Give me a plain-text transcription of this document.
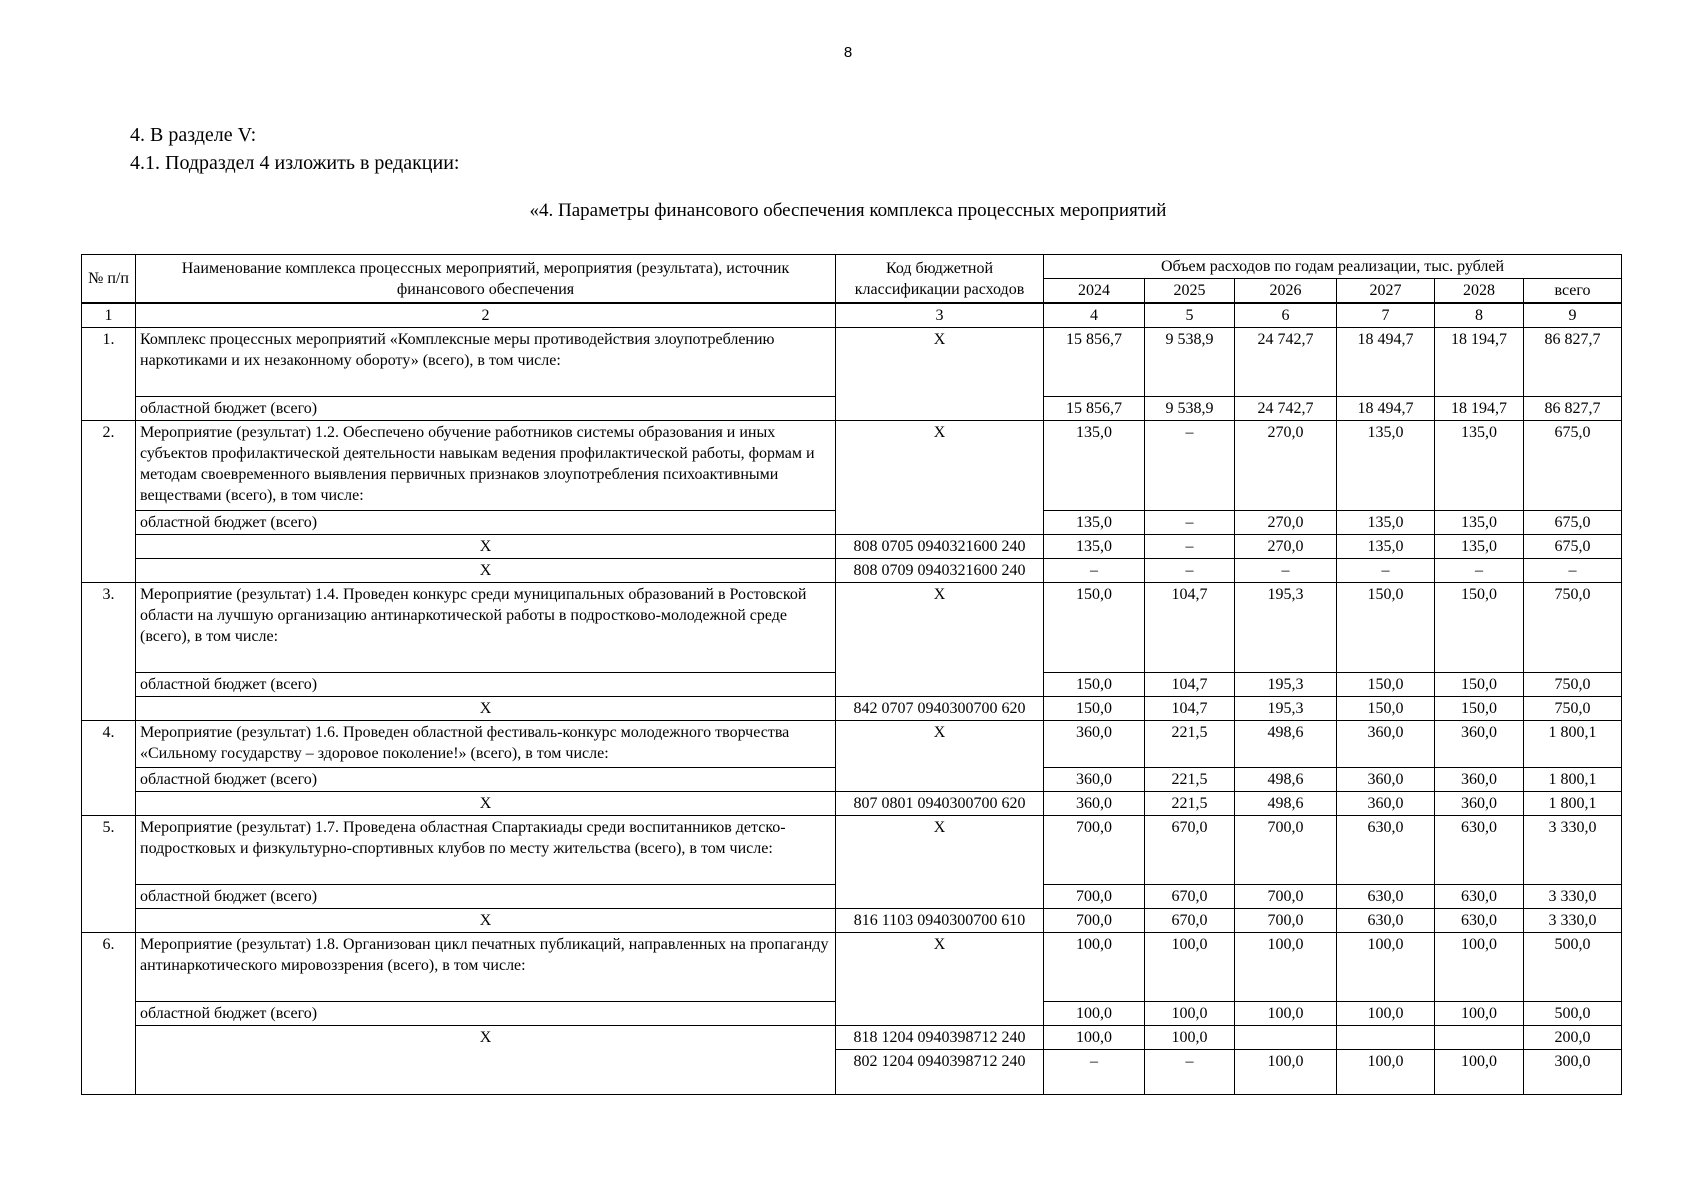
8
4. В разделе V:
4.1. Подраздел 4 изложить в редакции:
«4. Параметры финансового обеспечения комплекса процессных мероприятий
№ п/п	Наименование комплекса процессных мероприятий, мероприятия (результата), источник финансового обеспечения	Код бюджетной классификации расходов	Объем расходов по годам реализации, тыс. рублей					
			2024	2025	2026	2027	2028	всего
1	2	3	4	5	6	7	8	9
1.	Комплекс процессных мероприятий «Комплексные меры противодействия злоупотреблению наркотиками и их незаконному обороту» (всего), в том числе:	Х	15 856,7	9 538,9	24 742,7	18 494,7	18 194,7	86 827,7
	областной бюджет (всего)		15 856,7	9 538,9	24 742,7	18 494,7	18 194,7	86 827,7
2.	Мероприятие (результат) 1.2. Обеспечено обучение работников системы образования и иных субъектов профилактической деятельности навыкам ведения профилактической работы, формам и методам своевременного выявления первичных признаков злоупотребления психоактивными веществами (всего), в том числе:	Х	135,0	–	270,0	135,0	135,0	675,0
	областной бюджет (всего)		135,0	–	270,0	135,0	135,0	675,0
	Х	808 0705 0940321600 240	135,0	–	270,0	135,0	135,0	675,0
	Х	808 0709 0940321600 240	–	–	–	–	–	–
3.	Мероприятие (результат) 1.4. Проведен конкурс среди муниципальных образований в Ростовской области на лучшую организацию антинаркотической работы в подростково-молодежной среде (всего), в том числе:	Х	150,0	104,7	195,3	150,0	150,0	750,0
	областной бюджет (всего)		150,0	104,7	195,3	150,0	150,0	750,0
	Х	842 0707 0940300700 620	150,0	104,7	195,3	150,0	150,0	750,0
4.	Мероприятие (результат) 1.6. Проведен областной фестиваль-конкурс молодежного творчества «Сильному государству – здоровое поколение!» (всего), в том числе:	Х	360,0	221,5	498,6	360,0	360,0	1 800,1
	областной бюджет (всего)		360,0	221,5	498,6	360,0	360,0	1 800,1
	Х	807 0801 0940300700 620	360,0	221,5	498,6	360,0	360,0	1 800,1
5.	Мероприятие (результат) 1.7. Проведена областная Спартакиады среди воспитанников детско-подростковых и физкультурно-спортивных клубов по месту жительства (всего), в том числе:	Х	700,0	670,0	700,0	630,0	630,0	3 330,0
	областной бюджет (всего)		700,0	670,0	700,0	630,0	630,0	3 330,0
	Х	816 1103 0940300700 610	700,0	670,0	700,0	630,0	630,0	3 330,0
6.	Мероприятие (результат) 1.8. Организован цикл печатных публикаций, направленных на пропаганду антинаркотического мировоззрения (всего), в том числе:	Х	100,0	100,0	100,0	100,0	100,0	500,0
	областной бюджет (всего)		100,0	100,0	100,0	100,0	100,0	500,0
	Х	818 1204 0940398712 240	100,0	100,0				200,0
		802 1204 0940398712 240	–	–	100,0	100,0	100,0	300,0
